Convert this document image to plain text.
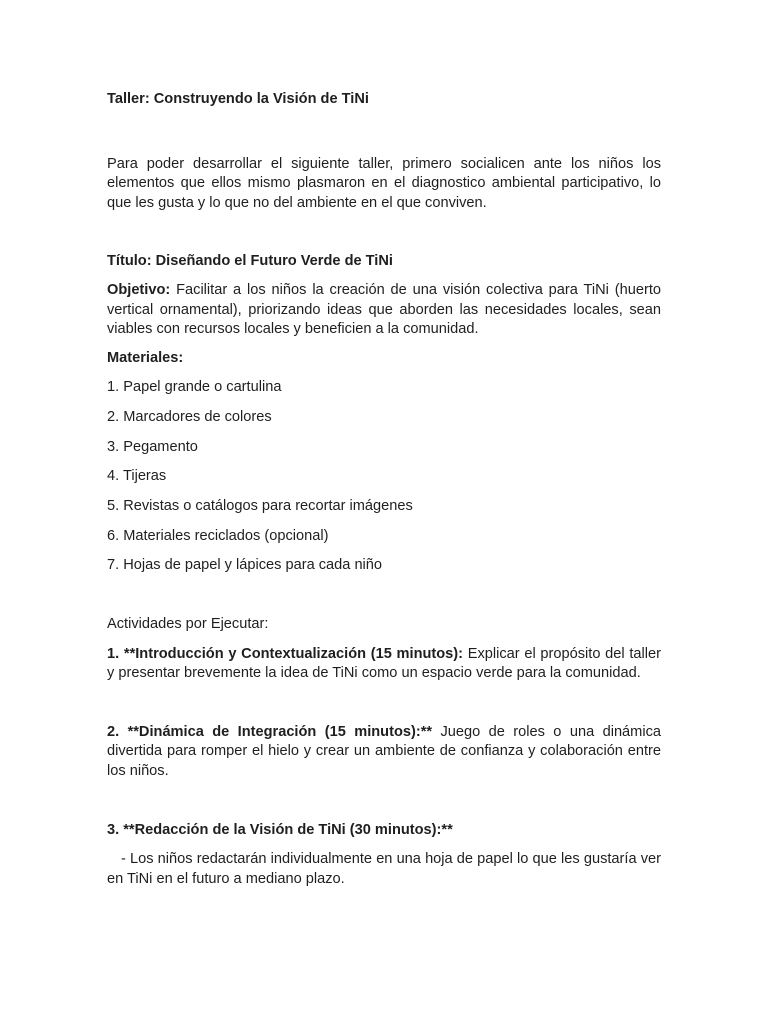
Taller: Construyendo la Visión de TiNi

Para poder desarrollar el siguiente taller, primero socialicen ante los niños los elementos que ellos mismo plasmaron en el diagnostico ambiental participativo, lo que les gusta y lo que no del ambiente en el que conviven.

Título: Diseñando el Futuro Verde de TiNi

Objetivo: Facilitar a los niños la creación de una visión colectiva para TiNi (huerto vertical ornamental), priorizando ideas que aborden las necesidades locales, sean viables con recursos locales y beneficien a la comunidad.

Materiales:

1. Papel grande o cartulina
2. Marcadores de colores
3. Pegamento
4. Tijeras
5. Revistas o catálogos para recortar imágenes
6. Materiales reciclados (opcional)
7. Hojas de papel y lápices para cada niño

Actividades por Ejecutar:

1. **Introducción y Contextualización (15 minutos): Explicar el propósito del taller y presentar brevemente la idea de TiNi como un espacio verde para la comunidad.

2. **Dinámica de Integración (15 minutos):** Juego de roles o una dinámica divertida para romper el hielo y crear un ambiente de confianza y colaboración entre los niños.

3. **Redacción de la Visión de TiNi (30 minutos):**

- Los niños redactarán individualmente en una hoja de papel lo que les gustaría ver en TiNi en el futuro a mediano plazo.
